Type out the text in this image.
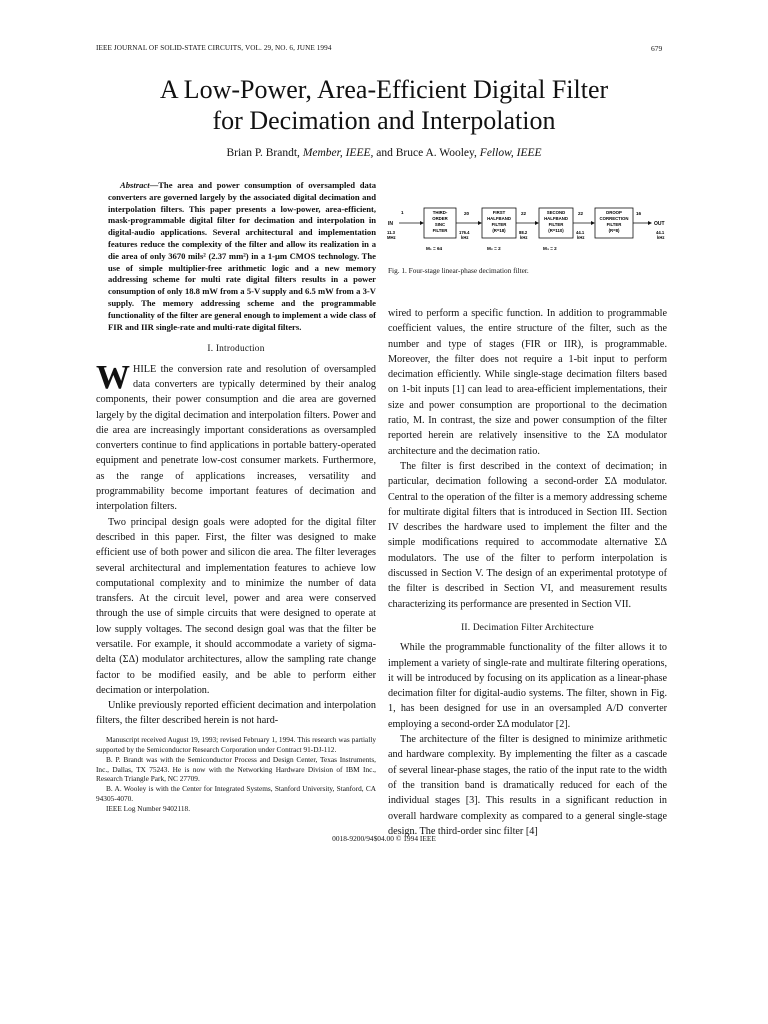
IEEE JOURNAL OF SOLID-STATE CIRCUITS, VOL. 29, NO. 6, JUNE 1994	679
A Low-Power, Area-Efficient Digital Filter
for Decimation and Interpolation
Brian P. Brandt, Member, IEEE, and Bruce A. Wooley, Fellow, IEEE

Abstract—The area and power consumption of oversampled data converters are governed largely by the associated digital decimation and interpolation filters. This paper presents a low-power, area-efficient, mask-programmable digital filter for decimation and interpolation in digital-audio applications. Several architectural and implementation features reduce the complexity of the filter and allow its realization in a die area of only 3670 mils² (2.37 mm²) in a 1-μm CMOS technology. The use of simple multiplier-free arithmetic logic and a new memory addressing scheme for multi rate digital filters results in a power consumption of only 18.8 mW from a 5-V supply and 6.5 mW from a 3-V supply. The memory addressing scheme and the programmable functionality of the filter are general enough to implement a wide class of FIR and IIR single-rate and multi-rate digital filters.

I. Introduction

WHILE the conversion rate and resolution of oversampled data converters are typically determined by their analog components, their power consumption and die area are governed largely by the digital decimation and interpolation filters. Power and die area are increasingly important considerations as oversampled converters continue to find applications in portable battery-operated equipment and penetrate low-cost consumer markets. Furthermore, as the range of applications increases, versatility and programmability become important features of decimation and interpolation filters.

Two principal design goals were adopted for the digital filter described in this paper. First, the filter was designed to make efficient use of both power and silicon die area. The filter leverages several architectural and implementation features to achieve low computational complexity and to minimize the number of data transfers. At the circuit level, power and area were conserved through the use of simple circuits that were designed to operate at low supply voltages. The second design goal was that the filter be versatile. For example, it should accommodate a variety of sigma-delta (ΣΔ) modulator architectures, allow the sampling rate change factor to be modified easily, and be able to perform either decimation or interpolation.

Unlike previously reported efficient decimation and interpolation filters, the filter described herein is not hard-

Manuscript received August 19, 1993; revised February 1, 1994. This research was partially supported by the Semiconductor Research Corporation under Contract 91-DJ-112.

B. P. Brandt was with the Semiconductor Process and Design Center, Texas Instruments, Inc., Dallas, TX 75243. He is now with the Networking Hardware Division of IBM Inc., Research Triangle Park, NC 27709.

B. A. Wooley is with the Center for Integrated Systems, Stanford University, Stanford, CA 94305-4070.

IEEE Log Number 9402118.

1
IN
11.3
MHz
THIRD-
ORDER
SINC
FILTER
20
176.4
kHz
FIRST
HALFBAND
FILTER
(R=18)
22
88.2
kHz
SECOND
HALFBAND
FILTER
(R=110)
22
44.1
kHz
DROOP
CORRECTION
FILTER
(R=8)
16
OUT
44.1
kHz
M₁ = 64	M₂ = 2	M₃ = 2
Fig. 1. Four-stage linear-phase decimation filter.

wired to perform a specific function. In addition to programmable coefficient values, the entire structure of the filter, such as the number and type of stages (FIR or IIR), is programmable. Moreover, the filter does not require a 1-bit input to perform decimation efficiently. While single-stage decimation filters based on 1-bit inputs [1] can lead to area-efficient implementations, their size and power consumption are proportional to the decimation ratio, M. In contrast, the size and power consumption of the filter reported herein are relatively insensitive to the ΣΔ modulator architecture and the decimation ratio.

The filter is first described in the context of decimation; in particular, decimation following a second-order ΣΔ modulator. Central to the operation of the filter is a memory addressing scheme for multirate digital filters that is introduced in Section III. Section IV describes the hardware used to implement the filter and the simple modifications required to accommodate alternative ΣΔ modulators. The use of the filter to perform interpolation is discussed in Section V. The design of an experimental prototype of the filter is described in Section VI, and measurement results characterizing its performance are presented in Section VII.

II. Decimation Filter Architecture

While the programmable functionality of the filter allows it to implement a variety of single-rate and multirate filtering operations, it will be introduced by focusing on its application as a linear-phase decimation filter for digital-audio systems. The filter, shown in Fig. 1, has been designed for use in an oversampled A/D converter employing a second-order ΣΔ modulator [2].

The architecture of the filter is designed to minimize arithmetic and hardware complexity. By implementing the filter as a cascade of several linear-phase stages, the ratio of the input rate to the width of the transition band is dramatically reduced for each of the individual stages [3]. This results in a significant reduction in overall hardware complexity as compared to a general single-stage design. The third-order sinc filter [4]

0018-9200/94$04.00 © 1994 IEEE
